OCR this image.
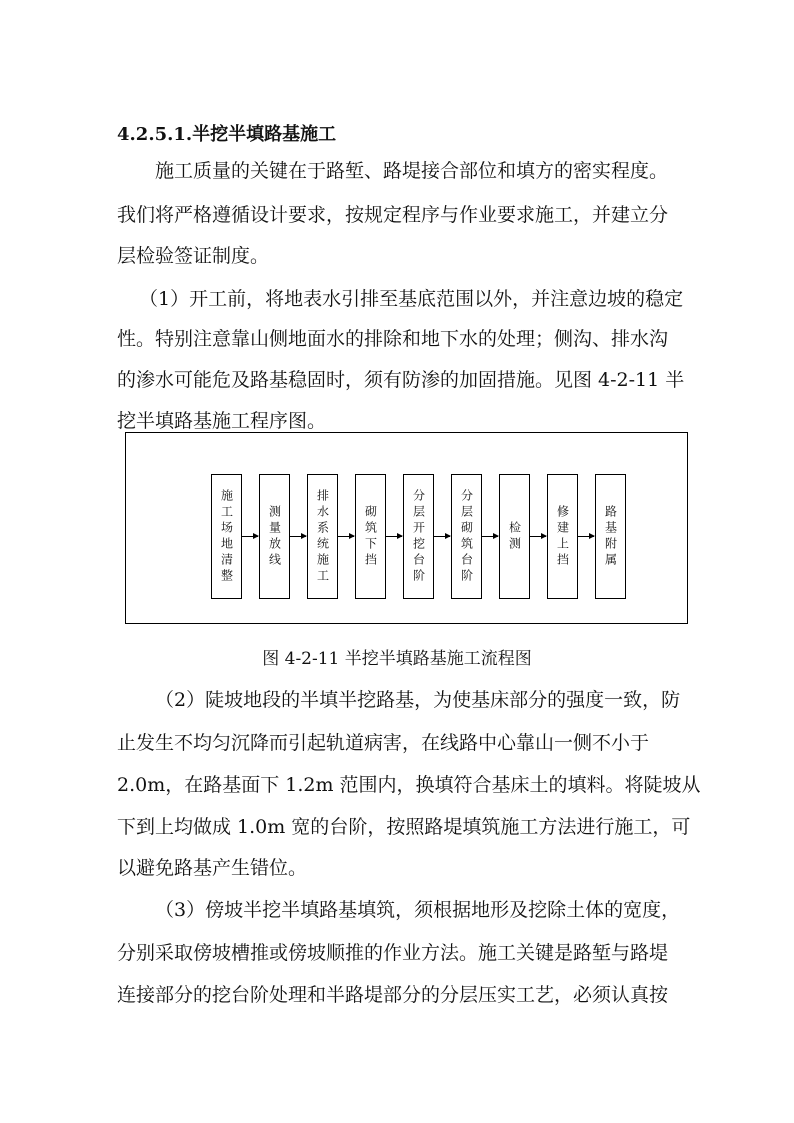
4.2.5.1.半挖半填路基施工
施工质量的关键在于路堑、路堤接合部位和填方的密实程度。
我们将严格遵循设计要求，按规定程序与作业要求施工，并建立分
层检验签证制度。
（1）开工前，将地表水引排至基底范围以外，并注意边坡的稳定
性。特别注意靠山侧地面水的排除和地下水的处理；侧沟、排水沟
的渗水可能危及路基稳固时，须有防渗的加固措施。见图 4-2-11 半
挖半填路基施工程序图。
施工场地清整	测量放线	排水系统施工	砌筑下挡	分层开挖台阶	分层砌筑台阶	检测	修建上挡	路基附属
图 4-2-11 半挖半填路基施工流程图
（2）陡坡地段的半填半挖路基，为使基床部分的强度一致，防
止发生不均匀沉降而引起轨道病害，在线路中心靠山一侧不小于
2.0m，在路基面下 1.2m 范围内，换填符合基床土的填料。将陡坡从
下到上均做成 1.0m 宽的台阶，按照路堤填筑施工方法进行施工，可
以避免路基产生错位。
（3）傍坡半挖半填路基填筑，须根据地形及挖除土体的宽度，
分别采取傍坡槽推或傍坡顺推的作业方法。施工关键是路堑与路堤
连接部分的挖台阶处理和半路堤部分的分层压实工艺，必须认真按
